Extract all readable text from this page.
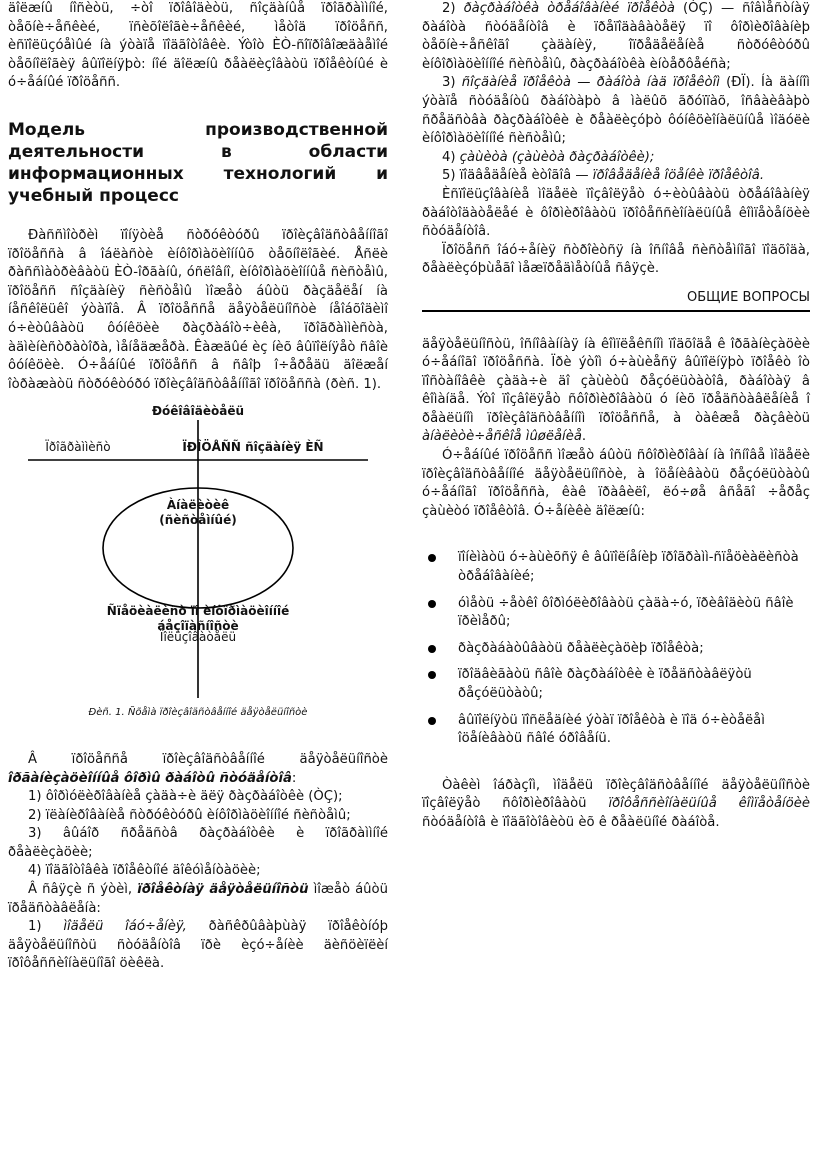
äîëæíû íîñèòü, ÷òî ïðîâîäèòü, ñîçäàíûå ïðîãðàììíîé, òåõíè÷åñêèé, ïñèõîëîãè÷åñêèé, ìåòîä ïðîöåññ, èñïîëüçóåìûé íà ýòàïå ïîäãîòîâêè. Ýòîò ÈÒ-ñîïðîâîæäàåìîé òåõíîëîãèÿ âûïîëíÿþò: íîé äîëæíû ðåàëèçîâàòü ïðîåêòíûé è ó÷åáíûé ïðîöåññ.

Модель производственной деятельности в области информационных технологий и учебный процесс

Ðàññìîòðèì ïîíÿòèå ñòðóêòóðû ïðîèçâîäñòâåííîãî ïðîöåññà â îáëàñòè èíôîðìàöèîííûõ òåõíîëîãèé. Åñëè ðàññìàòðèâàòü ÈÒ-îðãàíû, óñëîâíî, èíôîðìàöèîííûå ñèñòåìû, ïðîöåññ ñîçäàíèÿ ñèñòåìû ìîæåò áûòü ðàçäåëåí íà íåñêîëüêî ýòàïîâ. Â ïðîöåññå äåÿòåëüíîñòè íåîáõîäèìî ó÷èòûâàòü ôóíêöèè ðàçðàáîò÷èêà, ïðîãðàììèñòà, àäìèíèñòðàòîðà, ìåíåäæåðà. Êàæäûé èç íèõ âûïîëíÿåò ñâîè ôóíêöèè. Ó÷åáíûé ïðîöåññ â ñâîþ î÷åðåäü äîëæåí îòðàæàòü ñòðóêòóðó ïðîèçâîäñòâåííîãî ïðîöåññà (ðèñ. 1).

Ðóêîâîäèòåëü
Ïðîãðàììèñò	ÏÐÎÖÅÑÑ ñîçäàíèÿ ÈÑ
Àíàëèòèê (ñèñòåìíûé)
Ñïåöèàëèñò ïî èíôîðìàöèîííîé áåçîïàñíîñòè
Ïîëüçîâàòåëü

Ðèñ. 1. Ñõåìà ïðîèçâîäñòâåííîé äåÿòåëüíîñòè

Â ïðîöåññå ïðîèçâîäñòâåííîé äåÿòåëüíîñòè îðãàíèçàöèîííûå ôîðìû ðàáîòû ñòóäåíòîâ:

1) ôîðìóëèðîâàíèå çàäà÷è äëÿ ðàçðàáîòêè (ÒÇ);

2) ïëàíèðîâàíèå ñòðóêòóðû èíôîðìàöèîííîé ñèñòåìû;

3) âûáîð ñðåäñòâ ðàçðàáîòêè è ïðîãðàììíîé ðåàëèçàöèè;

4) ïîäãîòîâêà ïðîåêòíîé äîêóìåíòàöèè;

Â ñâÿçè ñ ýòèì, ïðîåêòíàÿ äåÿòåëüíîñòü ìîæåò áûòü ïðåäñòàâëåíà:

1) ìîäåëü îáó÷åíèÿ, ðàñêðûâàþùàÿ ïðîåêòíóþ äåÿòåëüíîñòü ñòóäåíòîâ ïðè èçó÷åíèè äèñöèïëèí ïðîôåññèîíàëüíîãî öèêëà.

2) ðàçðàáîòêà òðåáîâàíèé ïðîåêòà (ÒÇ) — ñîâìåñòíàÿ ðàáîòà ñòóäåíòîâ è ïðåïîäàâàòåëÿ ïî ôîðìèðîâàíèþ òåõíè÷åñêîãî çàäàíèÿ, îïðåäåëåíèå ñòðóêòóðû èíôîðìàöèîííîé ñèñòåìû, ðàçðàáîòêà èíòåðôåéñà;

3) ñîçäàíèå ïðîåêòà — ðàáîòà íàä ïðîåêòîì (ÐÏ). Íà äàííîì ýòàïå ñòóäåíòû ðàáîòàþò â ìàëûõ ãðóïïàõ, îñâàèâàþò ñðåäñòâà ðàçðàáîòêè è ðåàëèçóþò ôóíêöèîíàëüíûå ìîäóëè èíôîðìàöèîííîé ñèñòåìû;

4) çàùèòà (çàùèòà ðàçðàáîòêè);

5) ïîäâåäåíèå èòîãîâ — ïðîâåäåíèå îöåíêè ïðîåêòîâ.

Èñïîëüçîâàíèå ìîäåëè ïîçâîëÿåò ó÷èòûâàòü òðåáîâàíèÿ ðàáîòîäàòåëåé è ôîðìèðîâàòü ïðîôåññèîíàëüíûå êîìïåòåíöèè ñòóäåíòîâ.

Ïðîöåññ îáó÷åíèÿ ñòðîèòñÿ íà îñíîâå ñèñòåìíîãî ïîäõîäà, ðåàëèçóþùåãî ìåæïðåäìåòíûå ñâÿçè.

ОБЩИЕ ВОПРОСЫ

äåÿòåëüíîñòü, îñíîâàííàÿ íà êîìïëåêñíîì ïîäõîäå ê îðãàíèçàöèè ó÷åáíîãî ïðîöåññà. Ïðè ýòîì ó÷àùèåñÿ âûïîëíÿþò ïðîåêò îò ïîñòàíîâêè çàäà÷è äî çàùèòû ðåçóëüòàòîâ, ðàáîòàÿ â êîìàíäå. Ýòî ïîçâîëÿåò ñôîðìèðîâàòü ó íèõ ïðåäñòàâëåíèå î ðåàëüíîì ïðîèçâîäñòâåííîì ïðîöåññå, à òàêæå ðàçâèòü àíàëèòè÷åñêîå ìûøëåíèå.

Ó÷åáíûé ïðîöåññ ìîæåò áûòü ñôîðìèðîâàí íà îñíîâå ìîäåëè ïðîèçâîäñòâåííîé äåÿòåëüíîñòè, à îöåíèâàòü ðåçóëüòàòû ó÷åáíîãî ïðîöåññà, êàê ïðàâèëî, ëó÷øå âñåãî ÷åðåç çàùèòó ïðîåêòîâ. Ó÷åíèêè äîëæíû:

ïîíèìàòü ó÷àùèõñÿ ê âûïîëíåíèþ ïðîãðàìì-ñïåöèàëèñòà òðåáîâàíèé;
óìåòü ÷åòêî ôîðìóëèðîâàòü çàäà÷ó, ïðèâîäèòü ñâîè ïðèìåðû;
ðàçðàáàòûâàòü ðåàëèçàöèþ ïðîåêòà;
ïðîäâèãàòü ñâîè ðàçðàáîòêè è ïðåäñòàâëÿòü ðåçóëüòàòû;
âûïîëíÿòü ïîñëåäíèé ýòàï ïðîåêòà è ïîä ó÷èòåëåì îöåíèâàòü ñâîé óðîâåíü.

Òàêèì îáðàçîì, ìîäåëü ïðîèçâîäñòâåííîé äåÿòåëüíîñòè ïîçâîëÿåò ñôîðìèðîâàòü ïðîôåññèîíàëüíûå êîìïåòåíöèè ñòóäåíòîâ è ïîäãîòîâèòü èõ ê ðåàëüíîé ðàáîòå.
